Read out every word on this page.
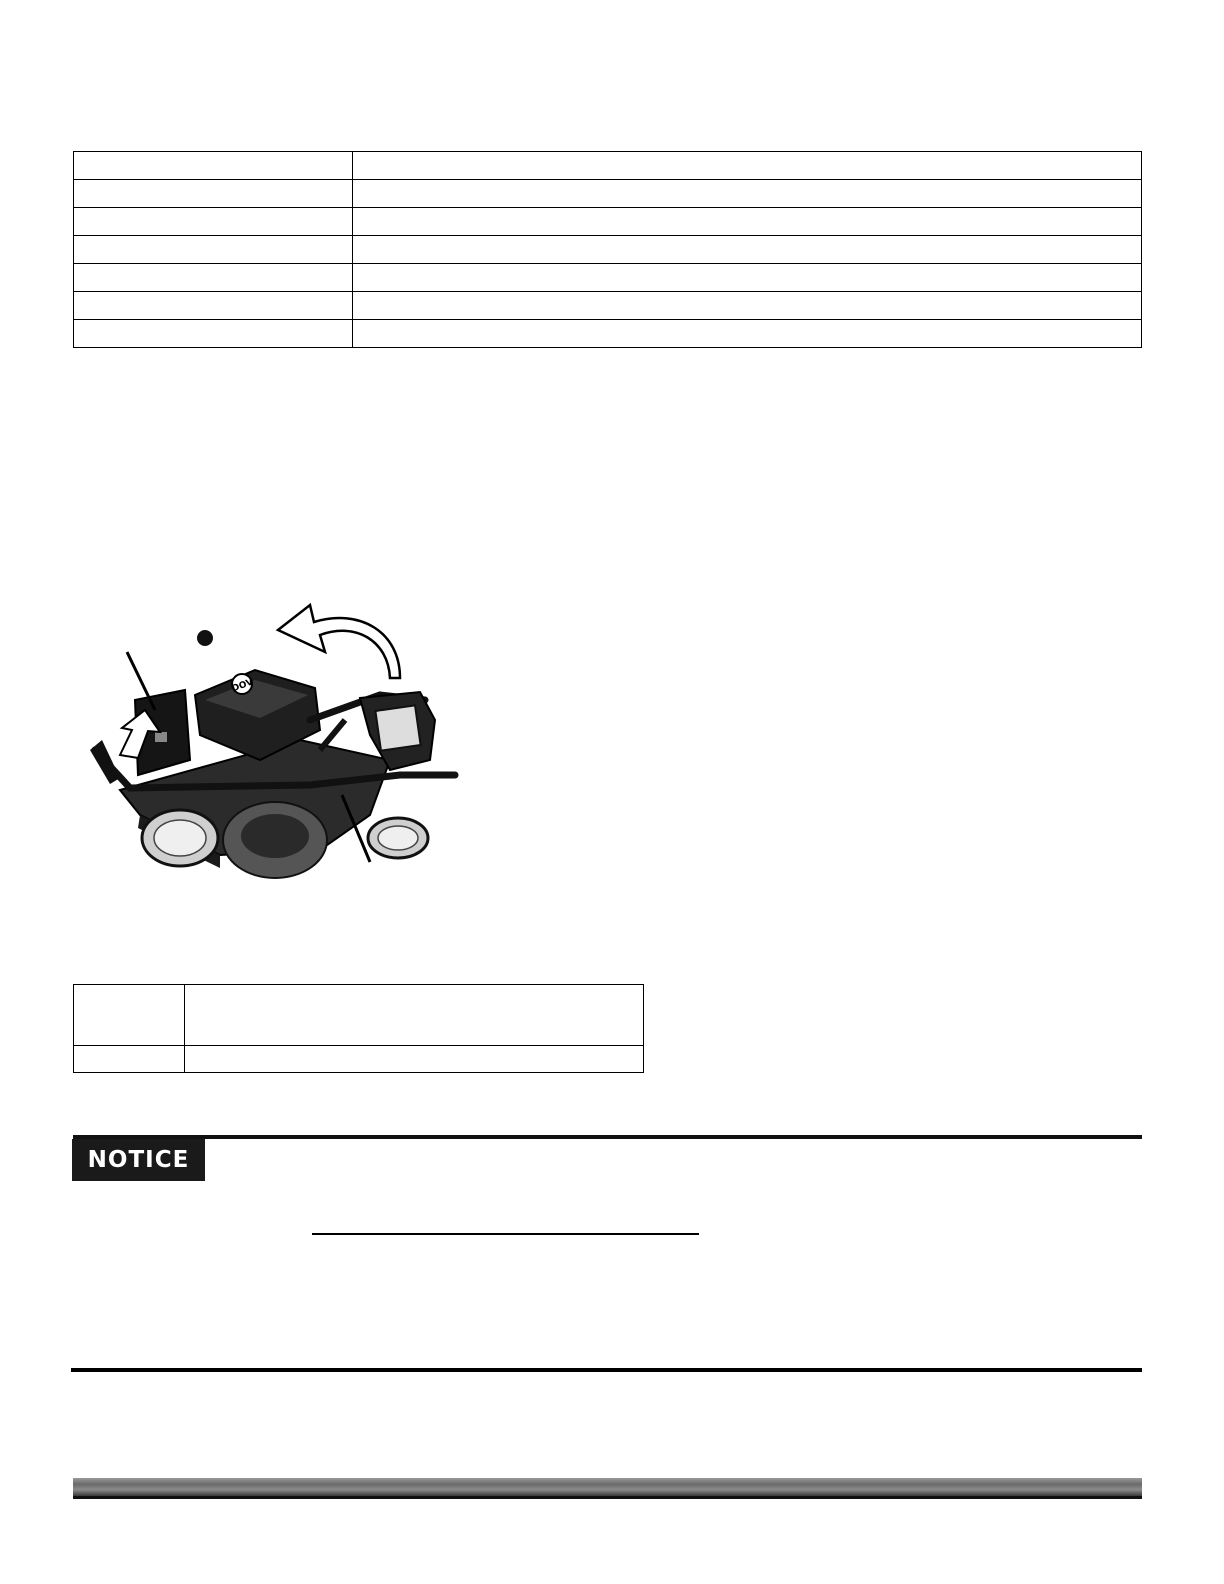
DOV

NOTICE
